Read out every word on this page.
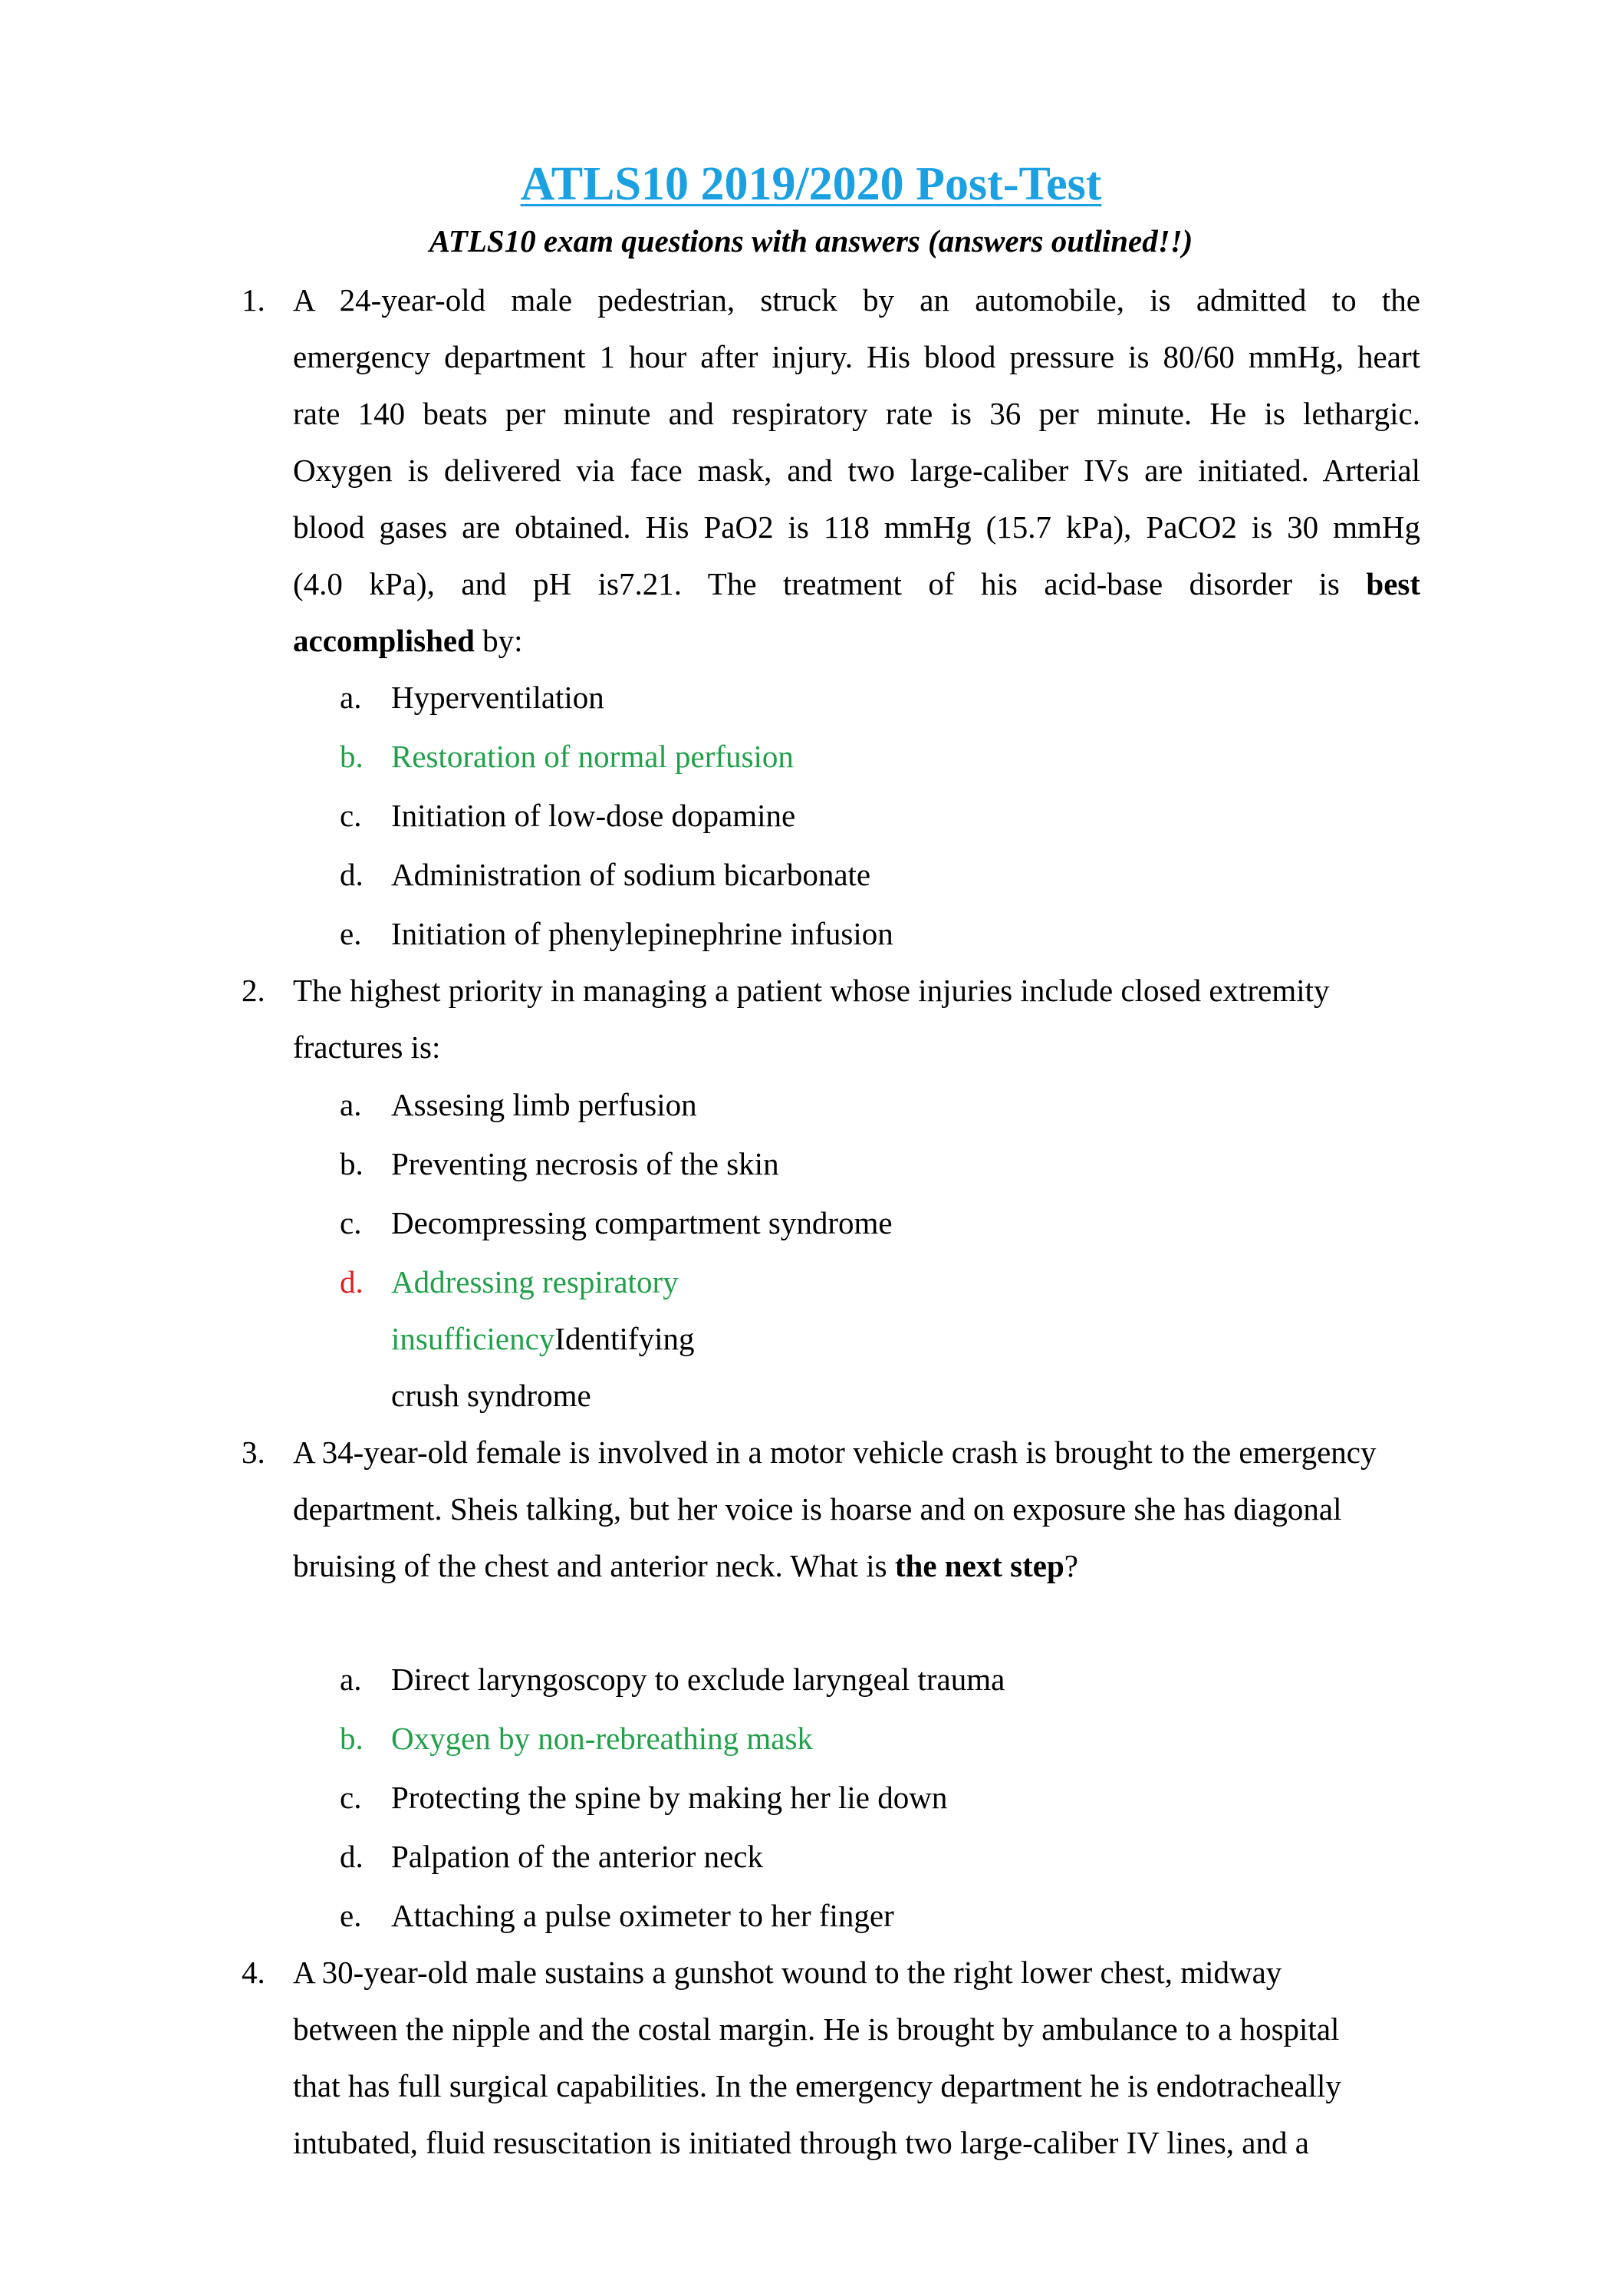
ATLS10 2019/2020 Post-Test
ATLS10 exam questions with answers (answers outlined!!)
1. A 24-year-old male pedestrian, struck by an automobile, is admitted to the

emergency department 1 hour after injury. His blood pressure is 80/60 mmHg, heart

rate 140 beats per minute and respiratory rate is 36 per minute. He is lethargic.

Oxygen is delivered via face mask, and two large-caliber IVs are initiated. Arterial

blood gases are obtained. His PaO2 is 118 mmHg (15.7 kPa), PaCO2 is 30 mmHg

(4.0 kPa), and pH is7.21. The treatment of his acid-base disorder is best

accomplished by:

a. Hyperventilation
b. Restoration of normal perfusion
c. Initiation of low-dose dopamine
d. Administration of sodium bicarbonate
e. Initiation of phenylepinephrine infusion
2. The highest priority in managing a patient whose injuries include closed extremity

fractures is:

a. Assesing limb perfusion
b. Preventing necrosis of the skin
c. Decompressing compartment syndrome
d. Addressing respiratory
insufficiencyIdentifying
crush syndrome
3. A 34-year-old female is involved in a motor vehicle crash is brought to the emergency

department. Sheis talking, but her voice is hoarse and on exposure she has diagonal

bruising of the chest and anterior neck. What is the next step?

a. Direct laryngoscopy to exclude laryngeal trauma
b. Oxygen by non-rebreathing mask
c. Protecting the spine by making her lie down
d. Palpation of the anterior neck
e. Attaching a pulse oximeter to her finger
4. A 30-year-old male sustains a gunshot wound to the right lower chest, midway

between the nipple and the costal margin. He is brought by ambulance to a hospital

that has full surgical capabilities. In the emergency department he is endotracheally

intubated, fluid resuscitation is initiated through two large-caliber IV lines, and a
